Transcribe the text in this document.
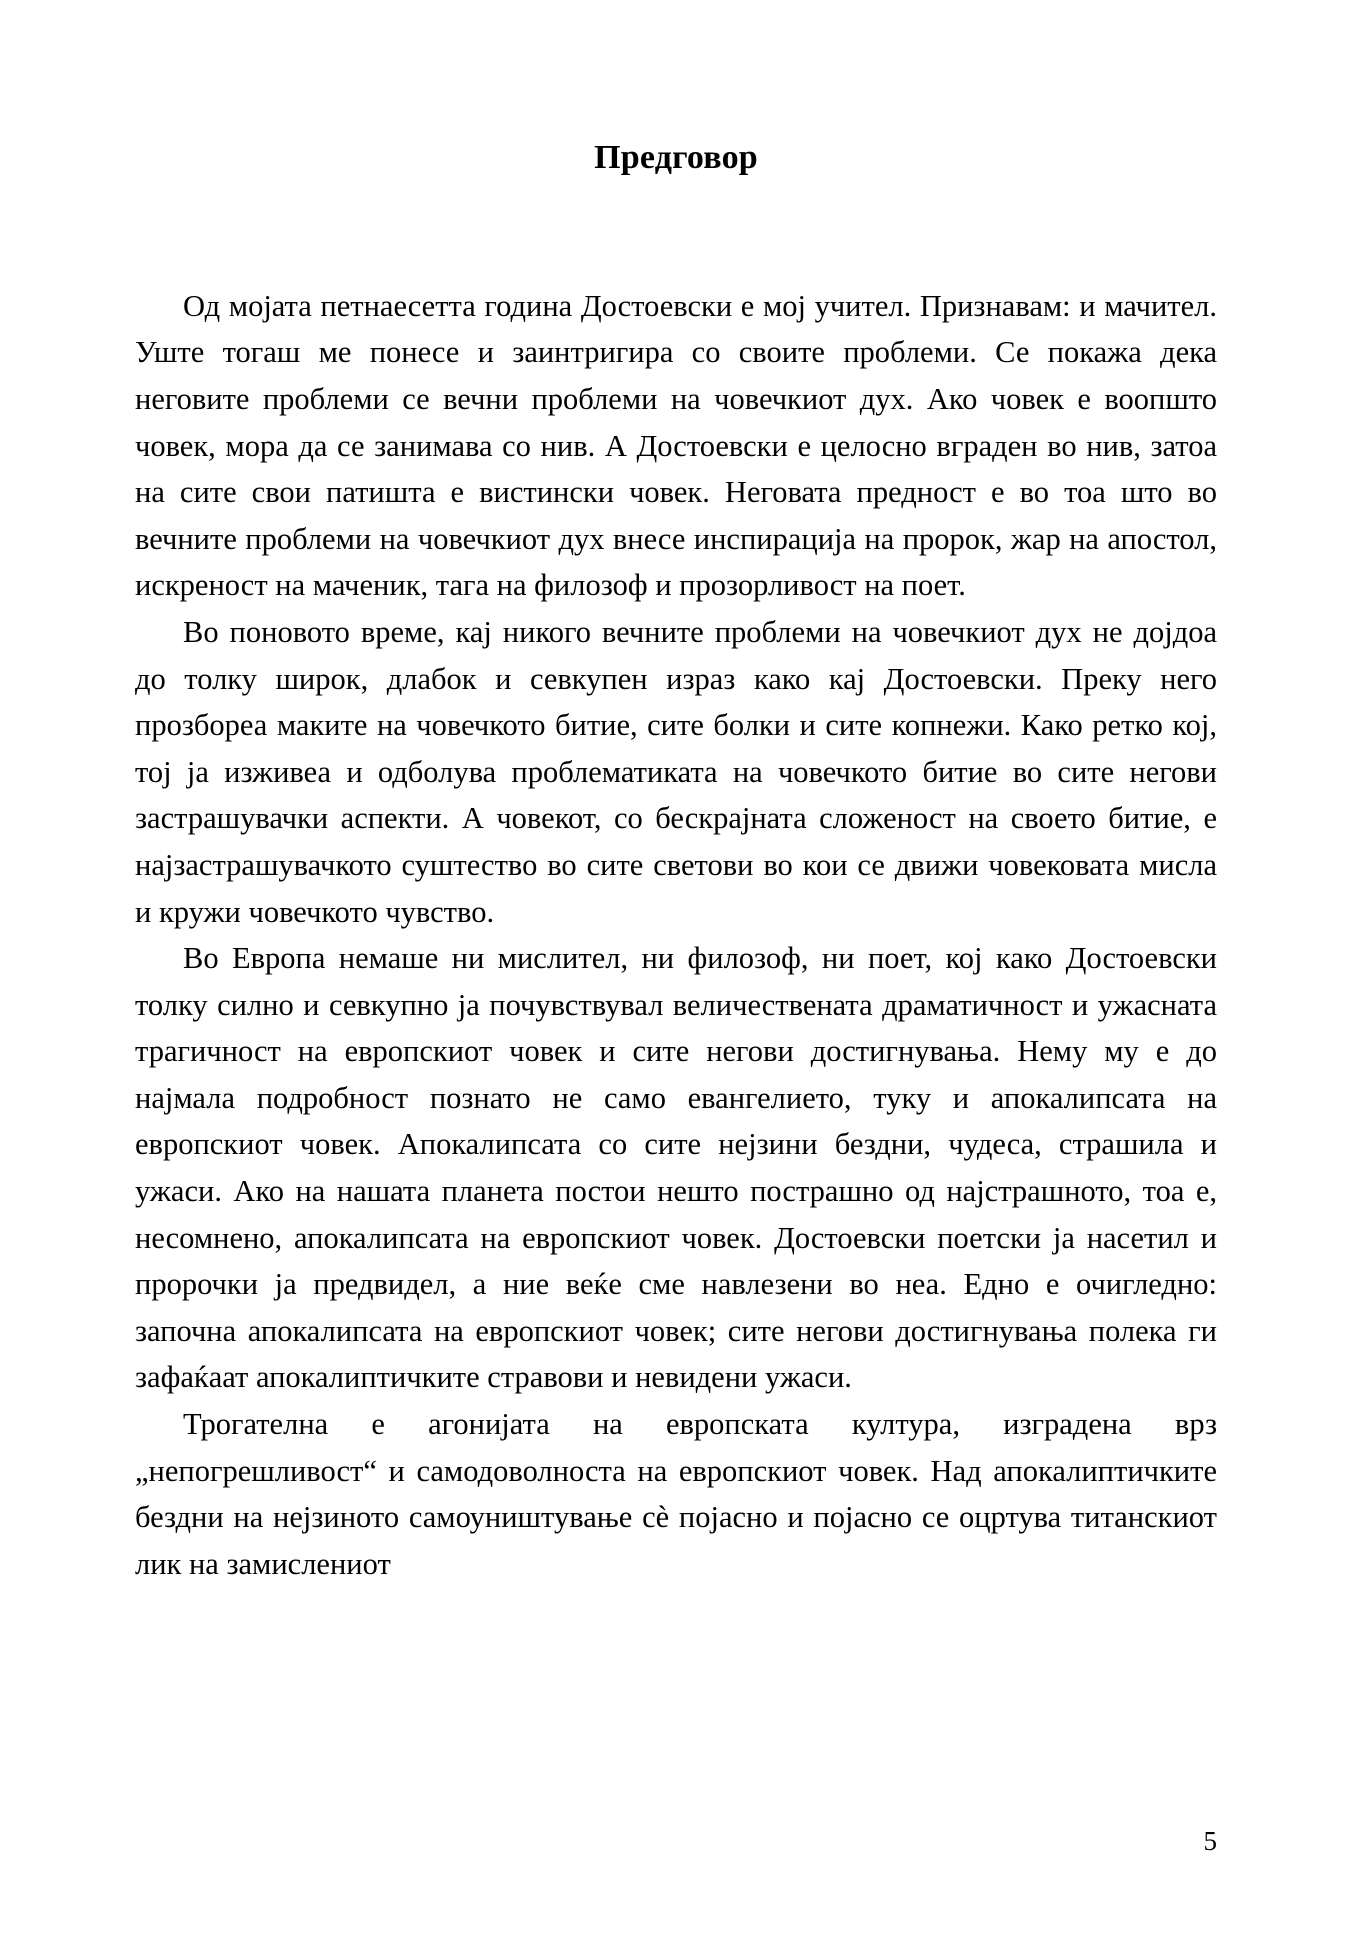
Предговор

Од мојата петнаесетта година Достоевски е мој учител. Признавам: и мачител. Уште тогаш ме понесе и заинтригира со своите проблеми. Се покажа дека неговите проблеми се вечни проблеми на човечкиот дух. Ако човек е воопшто човек, мора да се занимава со нив. А Достоевски е целосно вграден во нив, затоа на сите свои патишта е вистински човек. Неговата предност е во тоа што во вечните проблеми на човечкиот дух внесе инспирација на пророк, жар на апостол, искреност на маченик, тага на филозоф и прозорливост на поет.

Во поновото време, кај никого вечните проблеми на човечкиот дух не дојдоа до толку широк, длабок и севкупен израз како кај Достоевски. Преку него прозбореа маките на човечкото битие, сите болки и сите копнежи. Како ретко кој, тој ја изживеа и одболува проблематиката на човечкото битие во сите негови застрашувачки аспекти. А човекот, со бескрајната сложеност на своето битие, е најзастрашувачкото суштество во сите светови во кои се движи човековата мисла и кружи човечкото чувство.

Во Европа немаше ни мислител, ни филозоф, ни поет, кој како Достоевски толку силно и севкупно ја почувствувал величествената драматичност и ужасната трагичност на европскиот човек и сите негови достигнувања. Нему му е до најмала подробност познато не само евангелието, туку и апокалипсата на европскиот човек. Апокалипсата со сите нејзини бездни, чудеса, страшила и ужаси. Ако на нашата планета постои нешто пострашно од најстрашното, тоа е, несомнено, апокалипсата на европскиот човек. Достоевски поетски ја насетил и пророчки ја предвидел, а ние веќе сме навлезени во неа. Едно е очигледно: започна апокалипсата на европскиот човек; сите негови достигнувања полека ги зафаќаат апокалиптичките стравови и невидени ужаси.

Трогателна е агонијата на европската култура, изградена врз „непогрешливост“ и самодоволноста на европскиот човек. Над апокалиптичките бездни на нејзиното самоуништување сѐ појасно и појасно се оцртува титанскиот лик на замислениот

5
